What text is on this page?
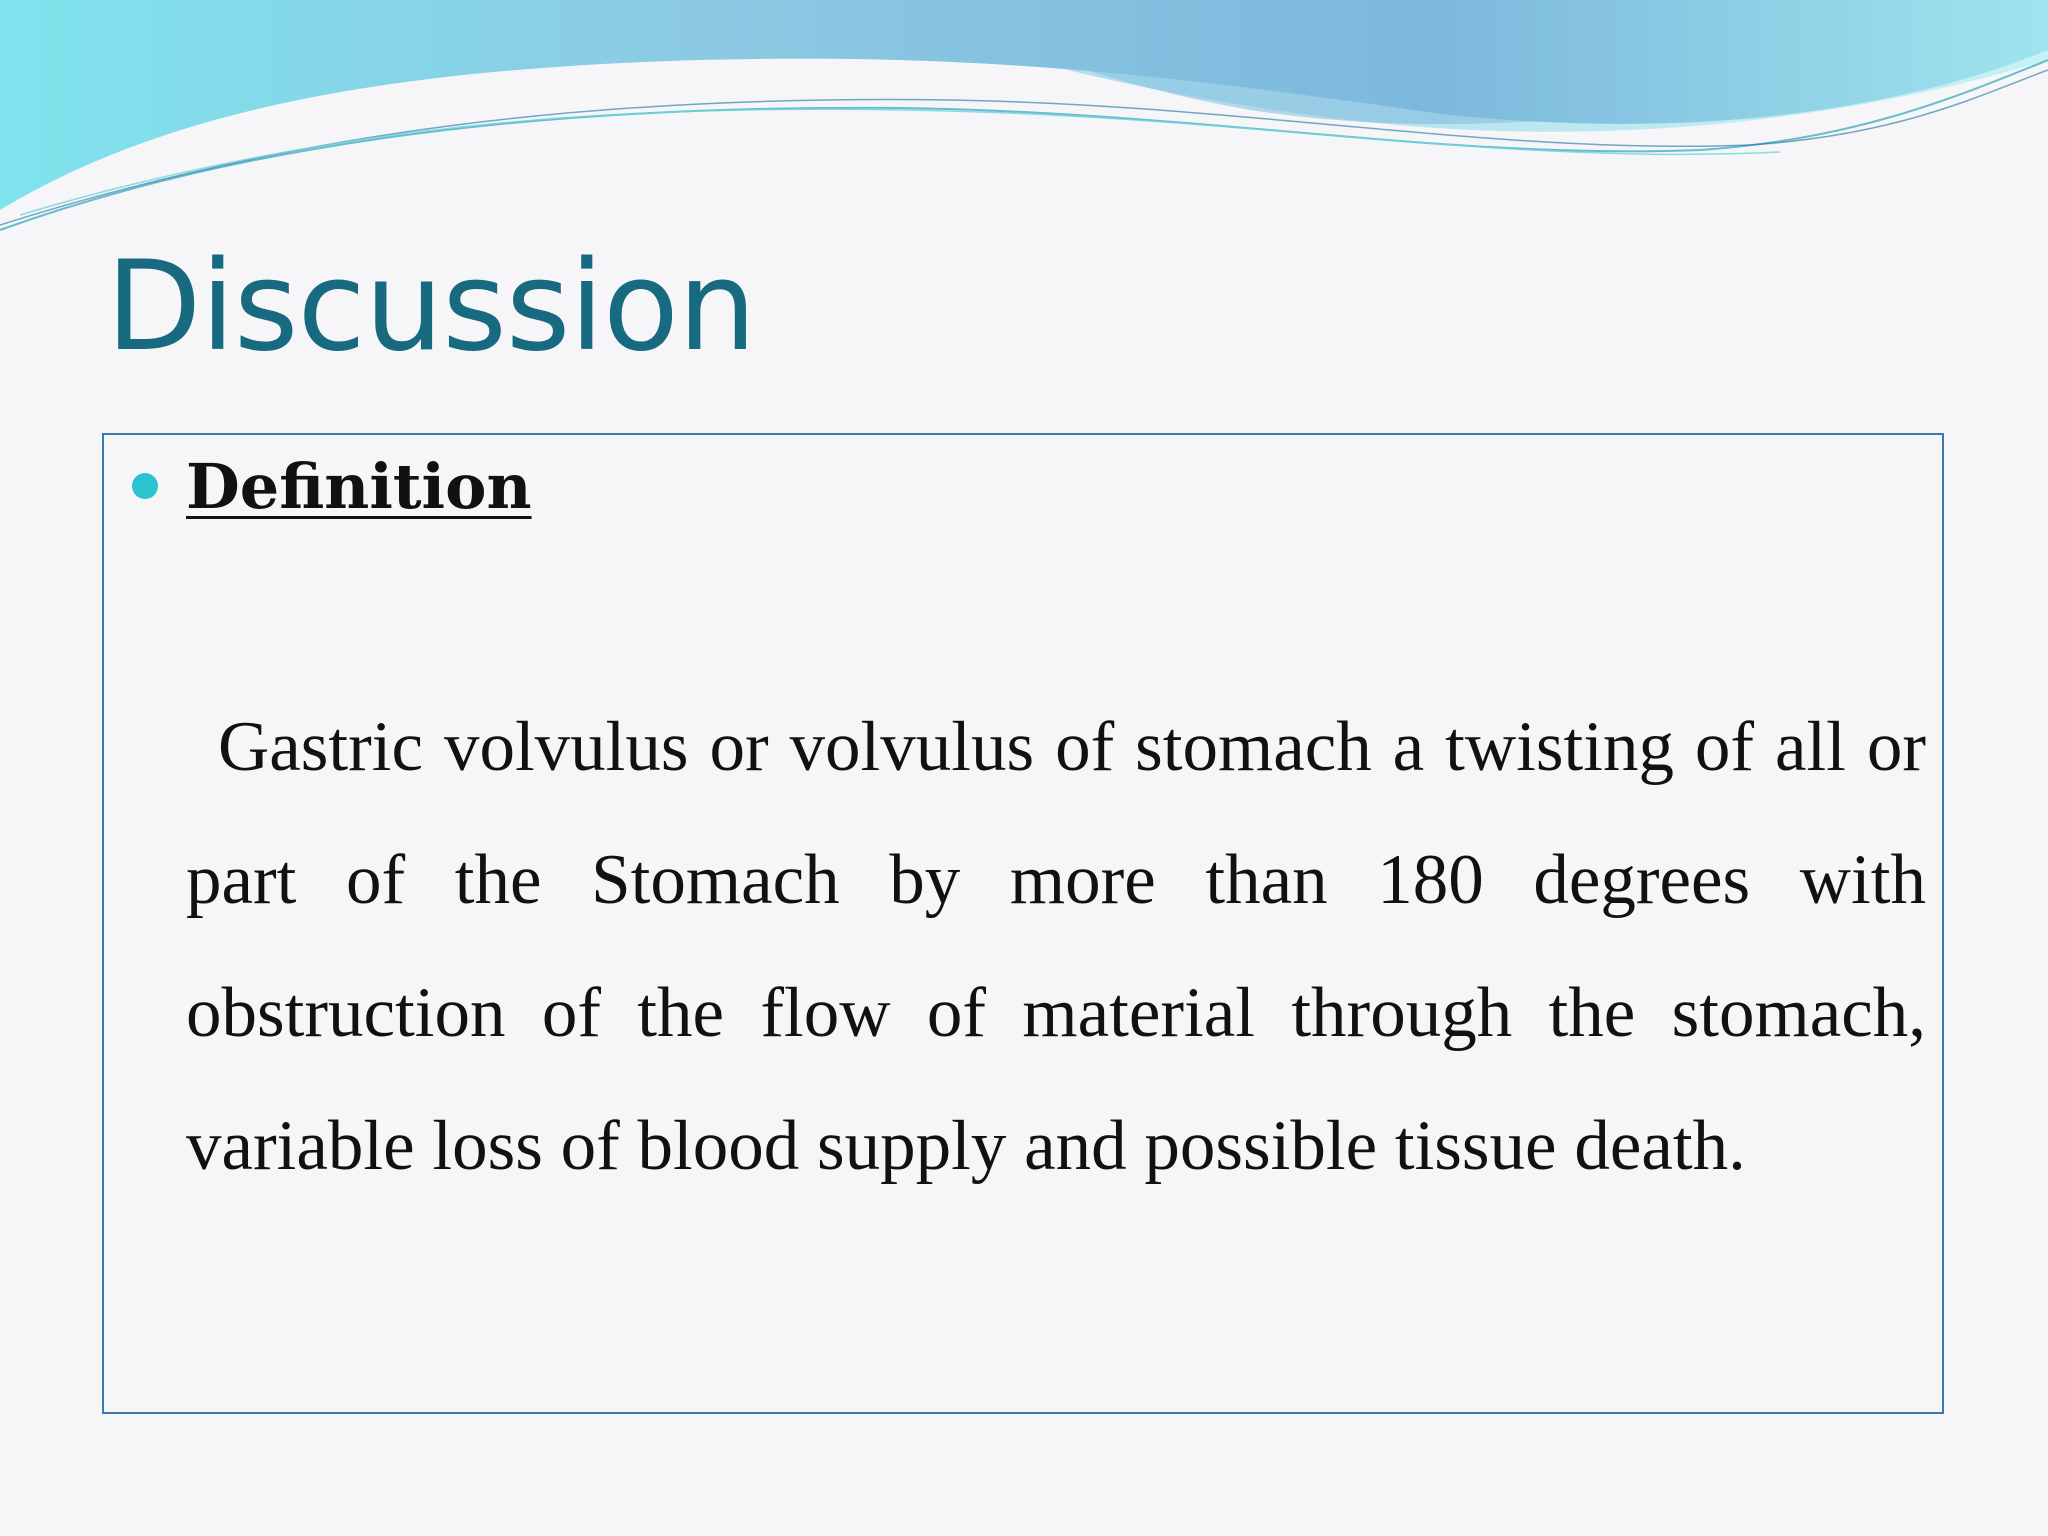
Discussion
Definition

Gastric volvulus or volvulus of stomach a twisting of all or part of the Stomach by more than 180 degrees with obstruction of the flow of material through the stomach, variable loss of blood supply and possible tissue death.
